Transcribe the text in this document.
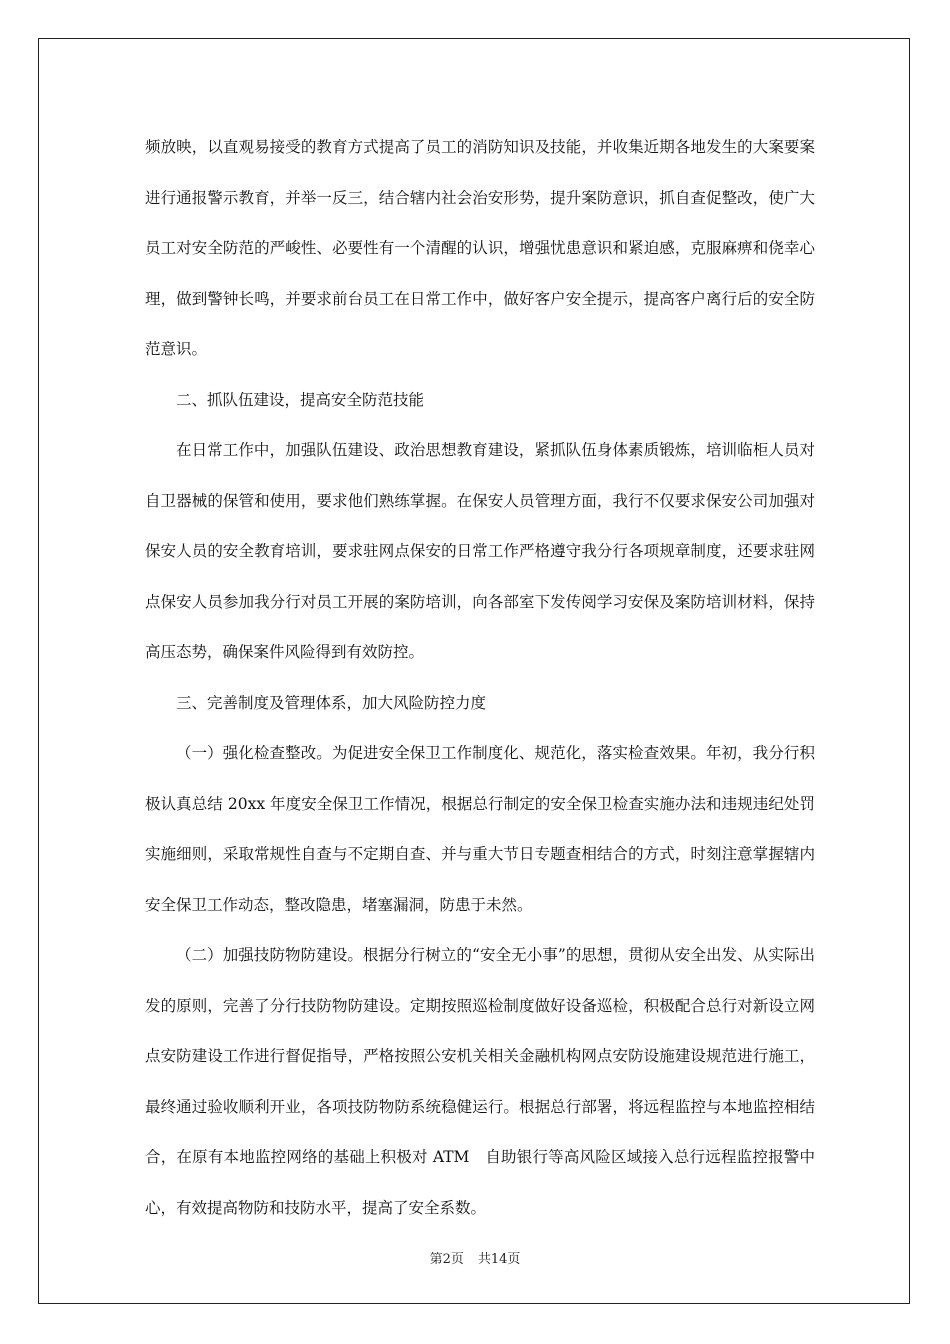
频放映，以直观易接受的教育方式提高了员工的消防知识及技能，并收集近期各地发生的大案要案进行通报警示教育，并举一反三，结合辖内社会治安形势，提升案防意识，抓自查促整改，使广大员工对安全防范的严峻性、必要性有一个清醒的认识，增强忧患意识和紧迫感，克服麻痹和侥幸心理，做到警钟长鸣，并要求前台员工在日常工作中，做好客户安全提示，提高客户离行后的安全防范意识。

二、抓队伍建设，提高安全防范技能

在日常工作中，加强队伍建设、政治思想教育建设，紧抓队伍身体素质锻炼，培训临柜人员对自卫器械的保管和使用，要求他们熟练掌握。在保安人员管理方面，我行不仅要求保安公司加强对保安人员的安全教育培训，要求驻网点保安的日常工作严格遵守我分行各项规章制度，还要求驻网点保安人员参加我分行对员工开展的案防培训，向各部室下发传阅学习安保及案防培训材料，保持高压态势，确保案件风险得到有效防控。

三、完善制度及管理体系，加大风险防控力度

（一）强化检查整改。为促进安全保卫工作制度化、规范化，落实检查效果。年初，我分行积极认真总结 20xx 年度安全保卫工作情况，根据总行制定的安全保卫检查实施办法和违规违纪处罚实施细则，采取常规性自查与不定期自查、并与重大节日专题查相结合的方式，时刻注意掌握辖内安全保卫工作动态，整改隐患，堵塞漏洞，防患于未然。

（二）加强技防物防建设。根据分行树立的“安全无小事”的思想，贯彻从安全出发、从实际出发的原则，完善了分行技防物防建设。定期按照巡检制度做好设备巡检，积极配合总行对新设立网点安防建设工作进行督促指导，严格按照公安机关相关金融机构网点安防设施建设规范进行施工，最终通过验收顺利开业，各项技防物防系统稳健运行。根据总行部署，将远程监控与本地监控相结合，在原有本地监控网络的基础上积极对 ATM　自助银行等高风险区域接入总行远程监控报警中心，有效提高物防和技防水平，提高了安全系数。

第2页 共14页
